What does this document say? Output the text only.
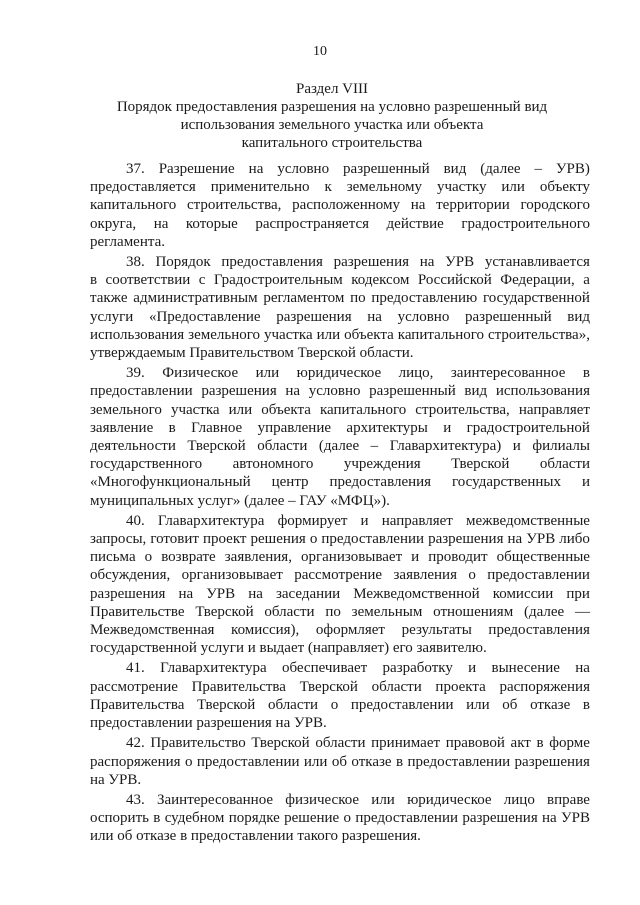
10
Раздел VIII
Порядок предоставления разрешения на условно разрешенный вид
использования земельного участка или объекта
капитального строительства
37. Разрешение на условно разрешенный вид (далее – УРВ)
предоставляется применительно к земельному участку или объекту
капитального строительства, расположенному на территории городского
округа, на которые распространяется действие градостроительного
регламента.
38. Порядок предоставления разрешения на УРВ устанавливается
в соответствии с Градостроительным кодексом Российской Федерации, а
также административным регламентом по предоставлению государственной
услуги «Предоставление разрешения на условно разрешенный вид
использования земельного участка или объекта капитального строительства»,
утверждаемым Правительством Тверской области.
39. Физическое или юридическое лицо, заинтересованное в
предоставлении разрешения на условно разрешенный вид использования
земельного участка или объекта капитального строительства, направляет
заявление в Главное управление архитектуры и градостроительной
деятельности Тверской области (далее – Главархитектура) и филиалы
государственного автономного учреждения Тверской области
«Многофункциональный центр предоставления государственных и
муниципальных услуг» (далее – ГАУ «МФЦ»).
40. Главархитектура формирует и направляет межведомственные
запросы, готовит проект решения о предоставлении разрешения на УРВ либо
письма о возврате заявления, организовывает и проводит общественные
обсуждения, организовывает рассмотрение заявления о предоставлении
разрешения на УРВ на заседании Межведомственной комиссии при
Правительстве Тверской области по земельным отношениям (далее —
Межведомственная комиссия), оформляет результаты предоставления
государственной услуги и выдает (направляет) его заявителю.
41. Главархитектура обеспечивает разработку и вынесение на
рассмотрение Правительства Тверской области проекта распоряжения
Правительства Тверской области о предоставлении или об отказе в
предоставлении разрешения на УРВ.
42. Правительство Тверской области принимает правовой акт в форме
распоряжения о предоставлении или об отказе в предоставлении разрешения
на УРВ.
43. Заинтересованное физическое или юридическое лицо вправе
оспорить в судебном порядке решение о предоставлении разрешения на УРВ
или об отказе в предоставлении такого разрешения.
